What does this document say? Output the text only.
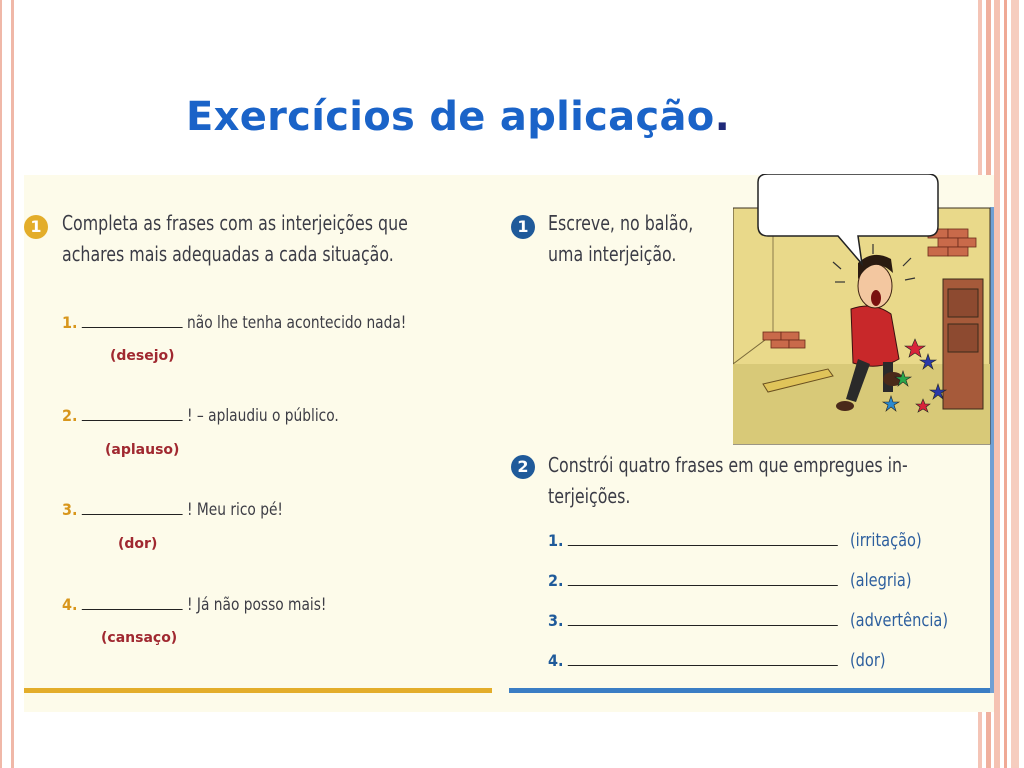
Exercícios de aplicação.
1	Completa as frases com as interjeições que
achares mais adequadas a cada situação.
1.	não lhe tenha acontecido nada!
(desejo)
2.	! – aplaudiu o público.
(aplauso)
3.	! Meu rico pé!
(dor)
4.	! Já não posso mais!
(cansaço)
1 Escreve, no balão,
uma interjeição.
2 Constrói quatro frases em que empregues in-
terjeições.
1.	(irritação)
2.	(alegria)
3.	(advertência)
4.	(dor)
